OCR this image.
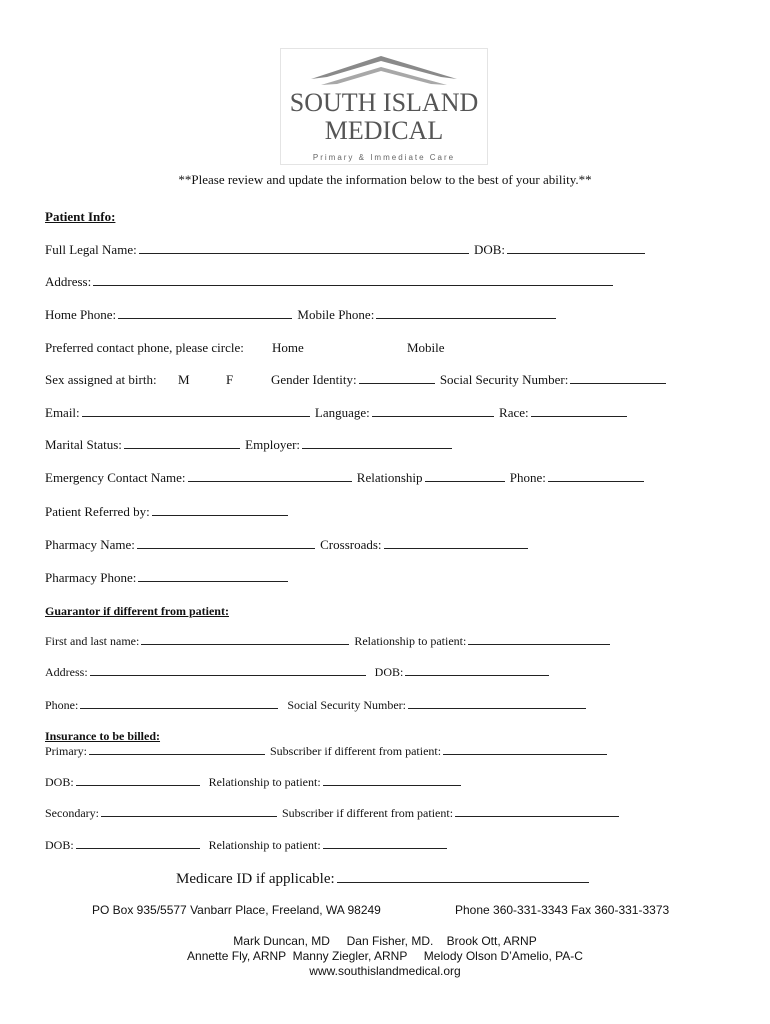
SOUTH ISLAND
MEDICAL
Primary & Immediate Care
**Please review and update the information below to the best of your ability.**
Patient Info:
Full Legal Name:	DOB:
Address:
Home Phone:	Mobile Phone:
Preferred contact phone, please circle: Home	Mobile
Sex assigned at birth: M	F	Gender Identity:	Social Security Number:
Email:	Language:	Race:
Marital Status:	Employer:
Emergency Contact Name:	Relationship	Phone:
Patient Referred by:
Pharmacy Name:	Crossroads:
Pharmacy Phone:
Guarantor if different from patient:
First and last name:	Relationship to patient:
Address:	DOB:
Phone:	Social Security Number:
Insurance to be billed:
Primary:	Subscriber if different from patient:
DOB:	Relationship to patient:
Secondary:	Subscriber if different from patient:
DOB:	Relationship to patient:
Medicare ID if applicable:
PO Box 935/5577 Vanbarr Place, Freeland, WA 98249	Phone 360-331-3343 Fax 360-331-3373
Mark Duncan, MD     Dan Fisher, MD.    Brook Ott, ARNP
Annette Fly, ARNP  Manny Ziegler, ARNP     Melody Olson D’Amelio, PA-C
www.southislandmedical.org
